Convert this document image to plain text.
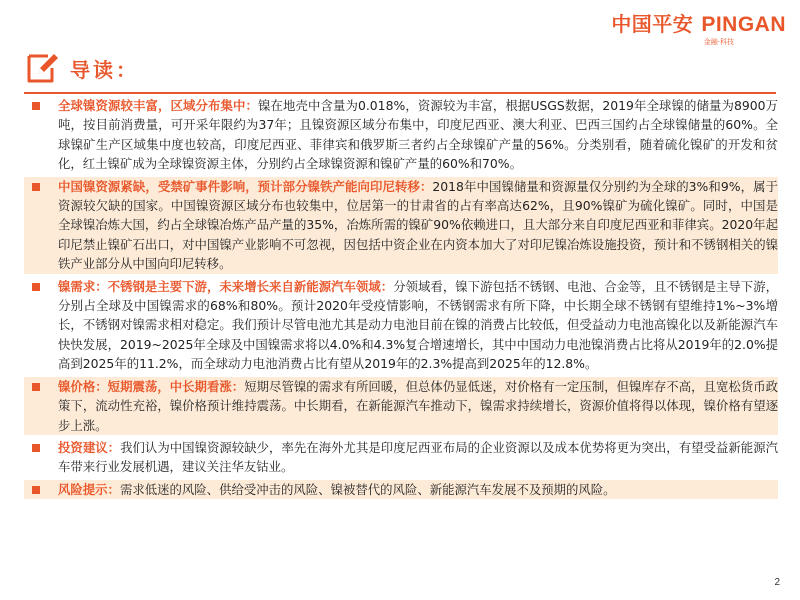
中国平安 PINGAN
金融·科技
导读：
全球镍资源较丰富，区域分布集中：镍在地壳中含量为0.018%，资源较为丰富，根据USGS数据，2019年全球镍的储量为8900万吨，按目前消费量，可开采年限约为37年；且镍资源区域分布集中，印度尼西亚、澳大利亚、巴西三国约占全球镍储量的60%。全球镍矿生产区域集中度也较高，印度尼西亚、菲律宾和俄罗斯三者约占全球镍矿产量的56%。分类别看，随着硫化镍矿的开发和贫化，红土镍矿成为全球镍资源主体，分别约占全球镍资源和镍矿产量的60%和70%。
中国镍资源紧缺，受禁矿事件影响，预计部分镍铁产能向印尼转移：2018年中国镍储量和资源量仅分别约为全球的3%和9%，属于资源较欠缺的国家。中国镍资源区域分布也较集中，位居第一的甘肃省的占有率高达62%，且90%镍矿为硫化镍矿。同时，中国是全球镍冶炼大国，约占全球镍冶炼产品产量的35%，冶炼所需的镍矿90%依赖进口，且大部分来自印度尼西亚和菲律宾。2020年起印尼禁止镍矿石出口，对中国镍产业影响不可忽视，因包括中资企业在内资本加大了对印尼镍冶炼设施投资，预计和不锈钢相关的镍铁产业部分从中国向印尼转移。
镍需求：不锈钢是主要下游，未来增长来自新能源汽车领域：分领域看，镍下游包括不锈钢、电池、合金等，且不锈钢是主导下游，分别占全球及中国镍需求的68%和80%。预计2020年受疫情影响，不锈钢需求有所下降，中长期全球不锈钢有望维持1%~3%增长，不锈钢对镍需求相对稳定。我们预计尽管电池尤其是动力电池目前在镍的消费占比较低，但受益动力电池高镍化以及新能源汽车快快发展，2019~2025年全球及中国镍需求将以4.0%和4.3%复合增速增长，其中中国动力电池镍消费占比将从2019年的2.0%提高到2025年的11.2%，而全球动力电池消费占比有望从2019年的2.3%提高到2025年的12.8%。
镍价格：短期震荡，中长期看涨：短期尽管镍的需求有所回暖，但总体仍显低迷，对价格有一定压制，但镍库存不高，且宽松货币政策下，流动性充裕，镍价格预计维持震荡。中长期看，在新能源汽车推动下，镍需求持续增长，资源价值将得以体现，镍价格有望逐步上涨。
投资建议：我们认为中国镍资源较缺少，率先在海外尤其是印度尼西亚布局的企业资源以及成本优势将更为突出，有望受益新能源汽车带来行业发展机遇，建议关注华友钴业。
风险提示：需求低迷的风险、供给受冲击的风险、镍被替代的风险、新能源汽车发展不及预期的风险。
2
